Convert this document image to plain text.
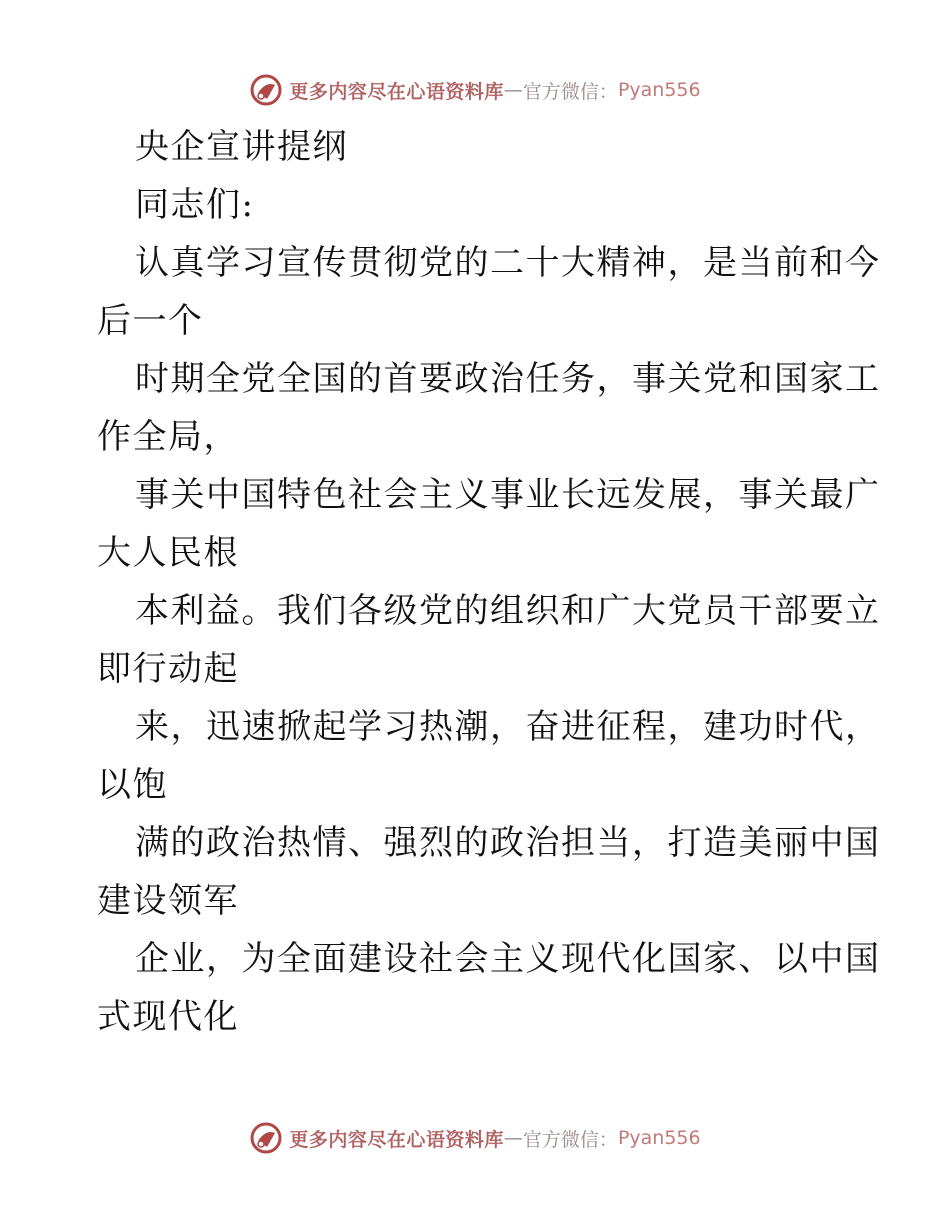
更多内容尽在心语资料库 — 官方微信： Pyan556
央企宣讲提纲
同志们:
认真学习宣传贯彻党的二十大精神，是当前和今
后一个
时期全党全国的首要政治任务，事关党和国家工
作全局，
事关中国特色社会主义事业长远发展，事关最广
大人民根
本利益。我们各级党的组织和广大党员干部要立
即行动起
来，迅速掀起学习热潮，奋进征程，建功时代，
以饱
满的政治热情、强烈的政治担当，打造美丽中国
建设领军
企业，为全面建设社会主义现代化国家、以中国
式现代化
更多内容尽在心语资料库 — 官方微信： Pyan556
